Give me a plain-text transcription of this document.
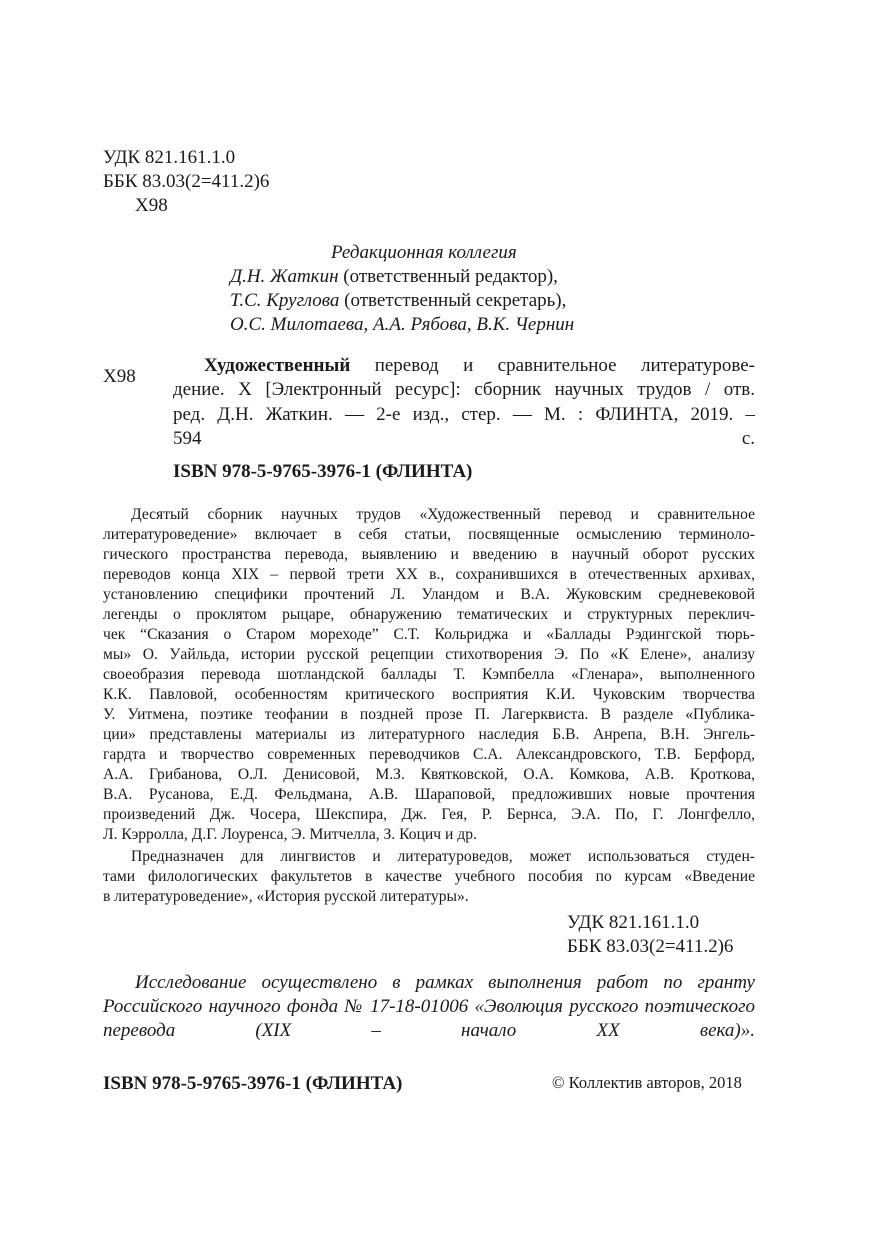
УДК 821.161.1.0
ББК 83.03(2=411.2)6
Х98
Редакционная коллегия
Д.Н. Жаткин (ответственный редактор),
Т.С. Круглова (ответственный секретарь),
О.С. Милотаева, А.А. Рябова, В.К. Чернин
Х98
Художественный перевод и сравнительное литературове-
дение. X [Электронный ресурс]: сборник научных трудов / отв.
ред. Д.Н. Жаткин. — 2-е изд., стер. — М. : ФЛИНТА, 2019. –
594 с.
ISBN 978-5-9765-3976-1 (ФЛИНТА)
Десятый сборник научных трудов «Художественный перевод и сравнительное
литературоведение» включает в себя статьи, посвященные осмыслению терминоло-
гического пространства перевода, выявлению и введению в научный оборот русских
переводов конца XIX – первой трети XX в., сохранившихся в отечественных архивах,
установлению специфики прочтений Л. Уландом и В.А. Жуковским средневековой
легенды о проклятом рыцаре, обнаружению тематических и структурных переклич-
чек “Сказания о Старом мореходе” С.Т. Кольриджа и «Баллады Рэдингской тюрь-
мы» О. Уайльда, истории русской рецепции стихотворения Э. По «К Елене», анализу
своеобразия перевода шотландской баллады Т. Кэмпбелла «Гленара», выполненного
К.К. Павловой, особенностям критического восприятия К.И. Чуковским творчества
У. Уитмена, поэтике теофании в поздней прозе П. Лагерквиста. В разделе «Публика-
ции» представлены материалы из литературного наследия Б.В. Анрепа, В.Н. Энгель-
гардта и творчество современных переводчиков С.А. Александровского, Т.В. Берфорд,
А.А. Грибанова, О.Л. Денисовой, М.З. Квятковской, О.А. Комкова, А.В. Кроткова,
В.А. Русанова, Е.Д. Фельдмана, А.В. Шараповой, предложивших новые прочтения
произведений Дж. Чосера, Шекспира, Дж. Гея, Р. Бернса, Э.А. По, Г. Лонгфелло,
Л. Кэрролла, Д.Г. Лоуренса, Э. Митчелла, З. Коцич и др.
Предназначен для лингвистов и литературоведов, может использоваться студен-
тами филологических факультетов в качестве учебного пособия по курсам «Введение
в литературоведение», «История русской литературы».
УДК 821.161.1.0
ББК 83.03(2=411.2)6
Исследование осуществлено в рамках выполнения работ по гранту
Российского научного фонда № 17-18-01006 «Эволюция русского поэтического
перевода (XIX – начало XX века)».
ISBN 978-5-9765-3976-1 (ФЛИНТА)	© Коллектив авторов, 2018
